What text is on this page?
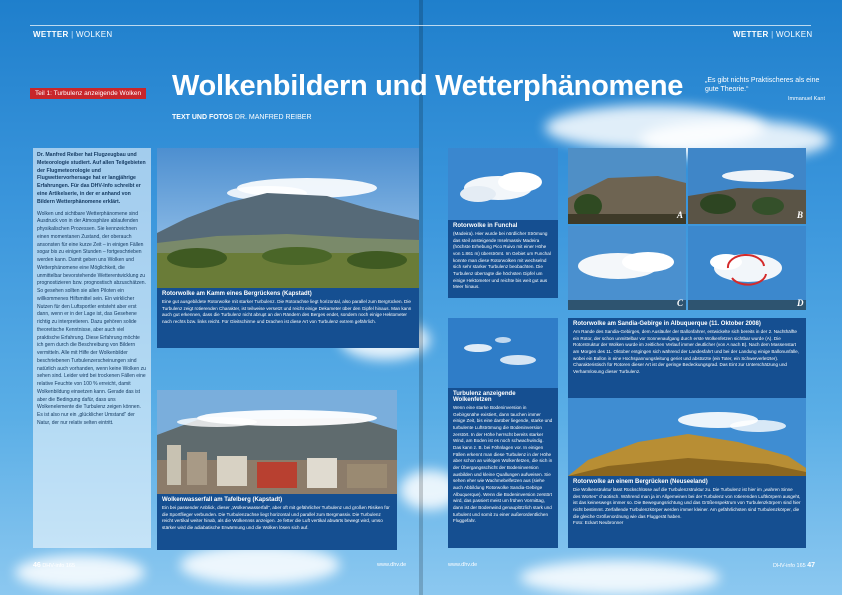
WETTER | WOLKEN
Teil 1: Turbulenz anzeigende Wolken

Dr. Manfred Reiber hat Flugzeugbau und Meteorologie studiert. Auf allen Teilgebieten der Flugmeteorologie und Flugwettervorhersage hat er langjährige Erfahrungen. Für das DHV-Info schreibt er eine Artikelserie, in der er anhand von Bildern Wetterphänomene erklärt.

Wolken und sichtbare Wetterphänomene sind Ausdruck von in der Atmosphäre ablaufenden physikalischen Prozessen. Sie kennzeichnen einen momentanen Zustand, der oberauch ansonsten für eine kurze Zeit – in einigen Fällen sogar bis zu einigen Stunden – fortgeschrieben werden kann. Damit geben uns Wolken und Wetterphänomene eine Möglichkeit, die unmittelbar bevorstehende Wetterentwicklung zu prognostizieren bzw. prognostisch abzuschätzen. So gesehen sollten sie allen Piloten ein willkommenes Hilfsmittel sein. Ein wirklicher Nutzen für den Luftsportler entsteht aber erst dann, wenn er in der Lage ist, das Gesehene richtig zu interpretieren. Dazu gehören solide theoretische Kenntnisse, aber auch viel praktische Erfahrung. Diese Erfahrung möchte ich gern durch die Beschreibung von Bildern vermitteln. Alle mit Hilfe der Wolkenbilder beschriebenen Turbulenzerscheinungen sind natürlich auch vorhanden, wenn keine Wolken zu sehen sind. Leider wird bei trockenen Fällen eine relative Feuchte von 100 % erreicht, damit Wolkenbildung einsetzen kann. Gerade das ist aber die Bedingung dafür, dass uns Wolkenelemente die Turbulenz zeigen können. Es ist also nur ein „glücklicher Umstand“ der Natur, der nur relativ selten eintritt.

Rotorwolke am Kamm eines Bergrückens (Kapstadt)

Eine gut ausgebildete Rotorwolke mit starker Turbulenz. Die Rotorachse liegt horizontal, also parallel zum Bergrücken. Die Turbulenz zeigt rotierenden Charakter, ist teilweise versetzt und reicht einige Dekameter über den Gipfel hinaus. Man kann auch gut erkennen, dass die Turbulenz nicht abrupt an den Rändern des Berges endet, sondern noch einige Hektometer nach rechts bzw. links reicht. Für Gleitschirme und Drachen ist diese Art von Turbulenz extrem gefährlich.

Wolkenwasserfall am Tafelberg (Kapstadt)

Ein bei passender Anblick, dieser „Wolkenwasserfall“, aber oft mit gefährlicher Turbulenz und großen Risiken für die Sportflieger verbunden. Die Turbulenzachse liegt horizontal und parallel zum Bergmassiv. Die Turbulenz reicht vertikal weiter hinab, als die Wolkennss anzeigen. Je fetter die Luft vertikal abwärts bewegt wird, umso stärker wird die adiabatische Erwärmung und die Wolken lösen sich auf.

46 DHV-info 165	www.dhv.de
WETTER | WOLKEN

Rotorwolke in Funchal

(Madeira). Hier wurde bei nördlicher Strömung das steil ansteigende Inselmassiv Madeira (höchste Erhebung Pico Ruivo mit einer Höhe von 1.861 m) überströmt. Im Gebiet um Funchal konnte man diese Rotorwolken mit wechselnd sich sehr starker Turbulenz beobachten. Die Turbulenz überragte die höchsten Gipfel um einige Hektometer und reichte bis weit gut aus Meer hinaus.

Turbulenz anzeigende Wolkenfetzen

Wenn eine starke Bodeninversion in Gebirgsnähe existiert, dann tauchen immer einige Zeit, bis eine darüber liegende, starke und turbulente Luftströmung die Bodeninversion zerstört. In der Höhe herrscht bereits starker Wind, am Boden ist es noch schwachwindig. Das kann z. B. bei Föhnlagen vor. In einigen Fällen erkennt man diese Turbulenz in der Höhe aber schon an wirkigen Wolkenfetzen, die sich in der Übergangsschicht der Bodeninversion ausbilden und kleine Quallungen aufweisen. Sie sehen eher wie Wachmebelfetzen aus (siehe auch Abbildung Rotorwolke Sandia-Gebirge Albuquerque). Wenn die Bodeninversion zerstört wird, das passiert meist um frühen Vormittag, dann ist der Bodenwind genauplötzlich stark und turbulent und somit zu einer außerordentlichen Fluggefahr.

A	B
C	D

Rotorwolke am Sandia-Gebirge in Albuquerque (11. Oktober 2008)

Am Rande des Sandia-Gebirges, dem Ausläufer der Ballonfahrer, entwickelte sich bereits in der 2. Nachthälfte ein Rotor, der schon unmittelbar vor Sonnenaufgang durch erste Wolkenfetzen sichtbar wurde (A). Die Rotorstruktur der Wolken wurde im zeitlichen Verlauf immer deutlicher (von A nach B). Nach dem Massenstart am Morgen des 11. Oktober entgingen sich während der Landesfahrt und bei der Landung einige Ballonunfälle, wobei ein Ballon in eine Hochspannungsleitung geriet und abstürzte (ein Toter, ein Schwerverletzter). Charakteristisch für Rotoren dieser Art ist der geringe Bedeckungsgrad. Das Eint zur Unterschätzung und Verharmlosung dieser Turbulenz.

Rotorwolke an einem Bergrücken (Neuseeland)

Die Wolkenstruktur lässt Rückschlüsse auf die Turbulenzstruktur zu. Die Turbulenz ist hier im „wahren Sinne des Wortes“ chaotisch. Während man ja im Allgemeinen bei der Turbulenz von rotierenden Luftkörpern ausgeht, ist das keineswegs immer so. Die Bewegungsrichtung und das Größenspektrum von Turbulenzkörpern sind hier nicht bestimmt. Zerfallende Turbulenzkörper werden immer kleiner. Am gefährlichsten sind Turbulenzkörper, die die gleiche Größenordnung wie das Fluggerät haben.

Foto: Eckart Neubronner

www.dhv.de	DHV-info 165 47
Wolkenbildern und Wetterphänomene
TEXT UND FOTOS DR. MANFRED REIBER
„Es gibt nichts Praktischeres als eine gute Theorie.“
Immanuel Kant
